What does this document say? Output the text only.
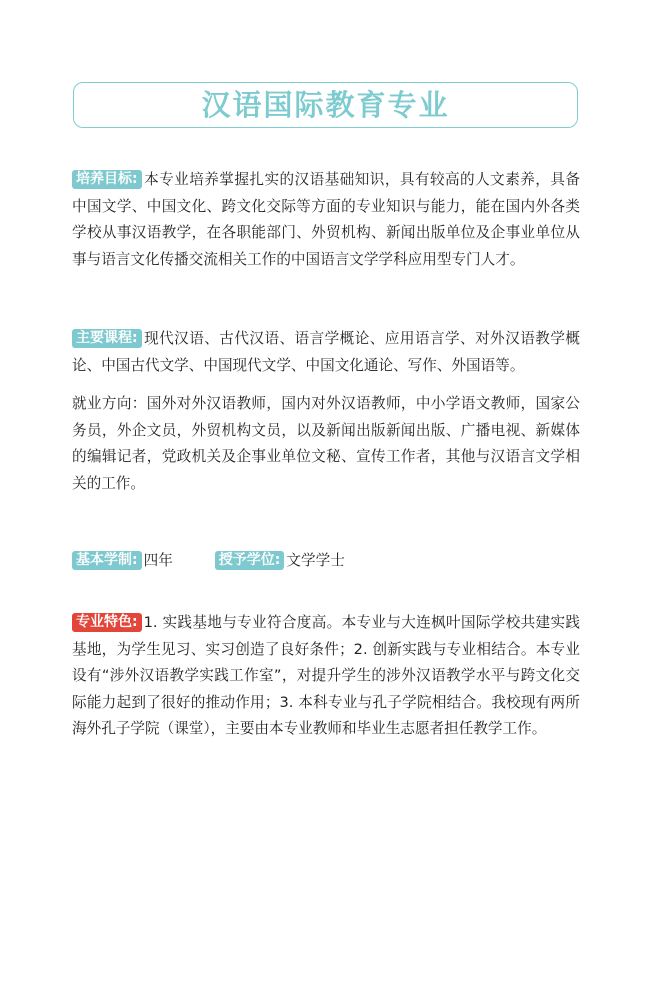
汉语国际教育专业
培养目标: 本专业培养掌握扎实的汉语基础知识，具有较高的人文素养，具备中国文学、中国文化、跨文化交际等方面的专业知识与能力，能在国内外各类学校从事汉语教学，在各职能部门、外贸机构、新闻出版单位及企事业单位从事与语言文化传播交流相关工作的中国语言文学学科应用型专门人才。
主要课程: 现代汉语、古代汉语、语言学概论、应用语言学、对外汉语教学概论、中国古代文学、中国现代文学、中国文化通论、写作、外国语等。
就业方向：国外对外汉语教师，国内对外汉语教师，中小学语文教师，国家公务员，外企文员，外贸机构文员，以及新闻出版新闻出版、广播电视、新媒体的编辑记者，党政机关及企事业单位文秘、宣传工作者，其他与汉语言文学相关的工作。
基本学制: 四年	授予学位: 文学学士
专业特色: 1. 实践基地与专业符合度高。本专业与大连枫叶国际学校共建实践基地，为学生见习、实习创造了良好条件；2. 创新实践与专业相结合。本专业设有“涉外汉语教学实践工作室”，对提升学生的涉外汉语教学水平与跨文化交际能力起到了很好的推动作用；3. 本科专业与孔子学院相结合。我校现有两所海外孔子学院（课堂），主要由本专业教师和毕业生志愿者担任教学工作。
